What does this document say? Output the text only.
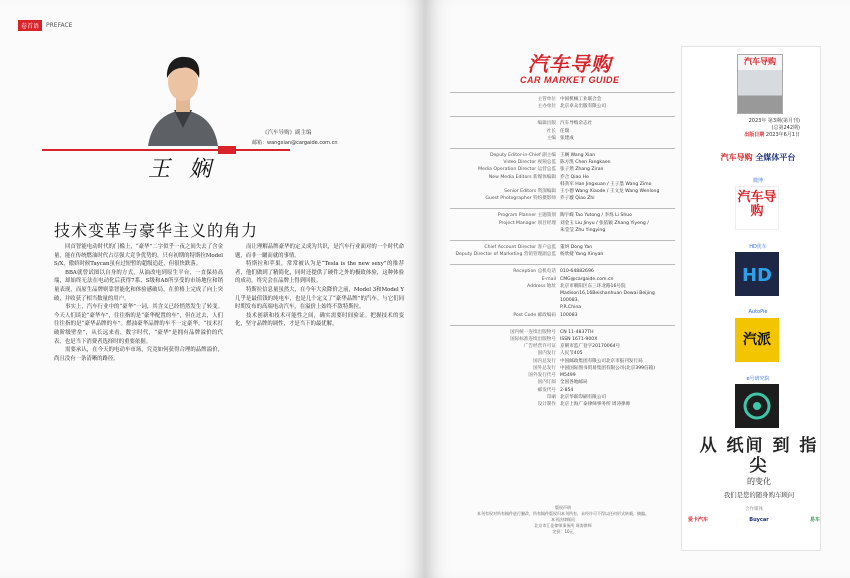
卷首语	PREFACE
《汽车导购》副主编
邮箱：wangxian@cargaide.com.cn
王 娴
技术变革与豪华主义的角力

回首智能电动时代的门槛上，“豪华”二字似乎一夜之间失去了含金量，能在传统燃油时代占尽强大竞争优势的，只有初期的特斯拉Model S/X，傲娇时候Taycan虽有过短暂的超级追赶，但很快跌落。

BBA就曾试图以自身的方式，从油改电到原生平台，一直保持高端，却始终无法在电动化后获得7系、S级和A8所享受的市场地位和销量表现，而原生品牌则靠智能化和体验感破局，在价格上完成了向上突破，并收获了相当数量的用户。

事实上，汽车行业中的“豪华”一词，其含义已经悄然发生了转变。今天人们谈论“豪华车”，往往指的是“豪华配置的车”，但在过去，人们往往指的是“豪华品牌的车”。燃油豪华品牌的车不一定豪华，“技术打破阶级壁垒”，从长远来看，数字时代，“豪华”是拥有品牌溢价的代表，也是当下消费者选择时的重要依据。

需要承认，在今天的电动车市场，究竟如何获得合理的品牌溢价，尚且没有一条清晰的路径。

而让理解品牌豪华的定义成为共识，是汽车行业面对的一个时代命题，而非一蹴而就的事情。

特斯拉和苹果，常常被认为是“Tesla is the new sexy”的推荐者，他们做到了精简化，同时还提供了硬件之外的极致体验，这种体验的成功，终究会在品牌上得到回报。

特斯拉信息量虽然大，在今年大众降价之前，Model 3和Model Y几乎是最值钱的纯电车，也是几个定义了“豪华品牌”的汽车。与它们同时期发布的高端电动汽车，在溢价上始终不敌特斯拉。

技术创新和技术可能性之间，确实需要时间验证。把握技术的变化，坚守品牌的调性，才是当下的最优解。

汽车导购
CAR MARKET GUIDE
主管单位 中国机械工业联合会
主办单位 北京卓众出版有限公司
编辑出版 汽车导购杂志社
社长 任瑞
主编 张建成
Deputy Editor-in-Chief 副主编 王娴 Wang Xian
Video Director 视频总监 陈方凯 Chen Fangkaen
Media Operation Director 运营总监 张子然 Zhang Ziran
New Media Editors 新媒体编辑 乔合 Qiao He
韩劲军 Han Jingxuan / 王子墨 Wang Zimo
Senior Editors 资深编辑 王小德 Wang Xiaode / 王文龙 Wang Wenlong
Guest Photographer 特约摄影师 乔子璇 Qiao Zhi
Program Planner 主题策划 陶宇嵘 Tao Yutong / 李烁 Li Shuo
Project Manager 项目经理 刘金玉 Liu Jinyu / 张依颖 Zhang Yiyeng /
朱莹莹 Zhu Yingying
Chief Account Director 客户总监 董妍 Dong Yan
Deputy Director of Marketing 营销管理副总监 杨欣婕 Yang Xinyan
Reception 总机电话 010-64882696
E-mail CMG@cargaide.com.cn
Address 地址 北京市朝阳区东三环北路16号院
Madison16,16Beishanhuan Dewai Beijing 100083,
P.R.China
Post Code 邮政编码 100083
国内统一连续出版物号 CN 11-4837TH
国际标准连续出版物号 ISSN 1671-900X
广告经营许可证 京朝市监广登字20170064号
国内发行 人民节405
国内总发行 中国邮政集团有限公司北京市报刊发行局
国外总发行 中国国际图书贸易集团有限公司(北京399信箱)
国外发行代号 M5499
国内订阅 全国各地邮局
邮发代号 2-854
印刷 北京华联印刷有限公司
设计制作 北京上海广泰律师事务所 周涛律师
版权声明
本刊有权对所有稿件进行删改，所有稿件版权归本刊所有，未经许可不得以任何形式转载、摘编。
本刊法律顾问
北京市汇佳律师事务所 周涛律师
定价：10元
汽车导购
2023年 第3期(第月刊)
(总第242期)
出版日期 2023年6月1日
汽车导购 全媒体平台
微博
汽车导购
HD优车
HD
AutoPie
汽派
e号研究院
从 纸间 到 指尖
的变化
我们是您的随身购车顾问
合作媒体
爱卡汽车	Buycar	易车
